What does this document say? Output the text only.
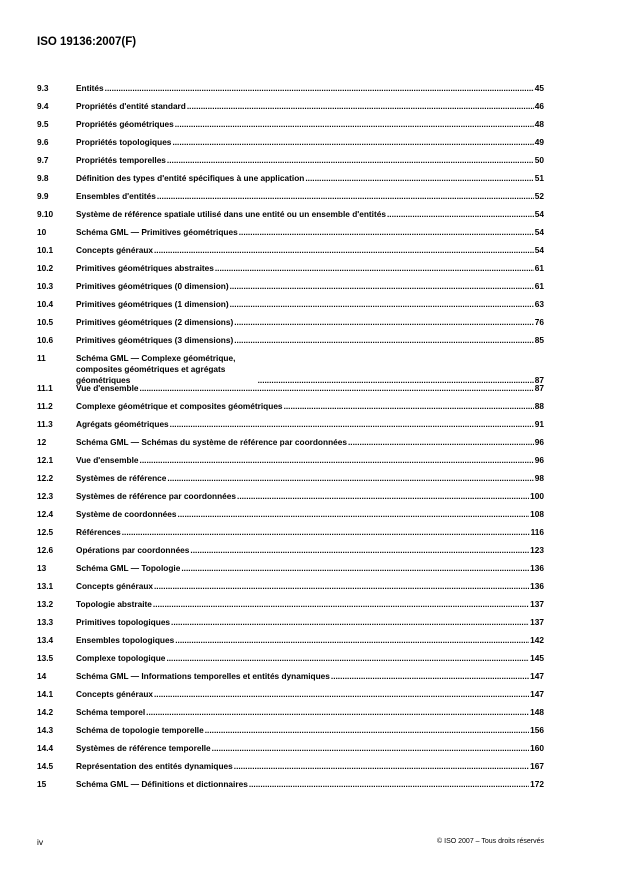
ISO 19136:2007(F)
9.3	Entités .....	45
9.4	Propriétés d'entité standard .....	46
9.5	Propriétés géométriques .....	48
9.6	Propriétés topologiques .....	49
9.7	Propriétés temporelles .....	50
9.8	Définition des types d'entité spécifiques à une application .....	51
9.9	Ensembles d'entités .....	52
9.10	Système de référence spatiale utilisé dans une entité ou un ensemble d'entités .....	54
10	Schéma GML — Primitives géométriques .....	54
10.1	Concepts généraux .....	54
10.2	Primitives géométriques abstraites .....	61
10.3	Primitives géométriques (0 dimension) .....	61
10.4	Primitives géométriques (1 dimension) .....	63
10.5	Primitives géométriques (2 dimensions) .....	76
10.6	Primitives géométriques (3 dimensions) .....	85
11	Schéma GML — Complexe géométrique, composites géométriques et agrégats géométriques .....	87
11.1	Vue d'ensemble .....	87
11.2	Complexe géométrique et composites géométriques .....	88
11.3	Agrégats géométriques .....	91
12	Schéma GML — Schémas du système de référence par coordonnées .....	96
12.1	Vue d'ensemble .....	96
12.2	Systèmes de référence .....	98
12.3	Systèmes de référence par coordonnées .....	100
12.4	Système de coordonnées .....	108
12.5	Références .....	116
12.6	Opérations par coordonnées .....	123
13	Schéma GML — Topologie .....	136
13.1	Concepts généraux .....	136
13.2	Topologie abstraite .....	137
13.3	Primitives topologiques .....	137
13.4	Ensembles topologiques .....	142
13.5	Complexe topologique .....	145
14	Schéma GML — Informations temporelles et entités dynamiques .....	147
14.1	Concepts généraux .....	147
14.2	Schéma temporel .....	148
14.3	Schéma de topologie temporelle .....	156
14.4	Systèmes de référence temporelle .....	160
14.5	Représentation des entités dynamiques .....	167
15	Schéma GML — Définitions et dictionnaires .....	172
iv	© ISO 2007 – Tous droits réservés
